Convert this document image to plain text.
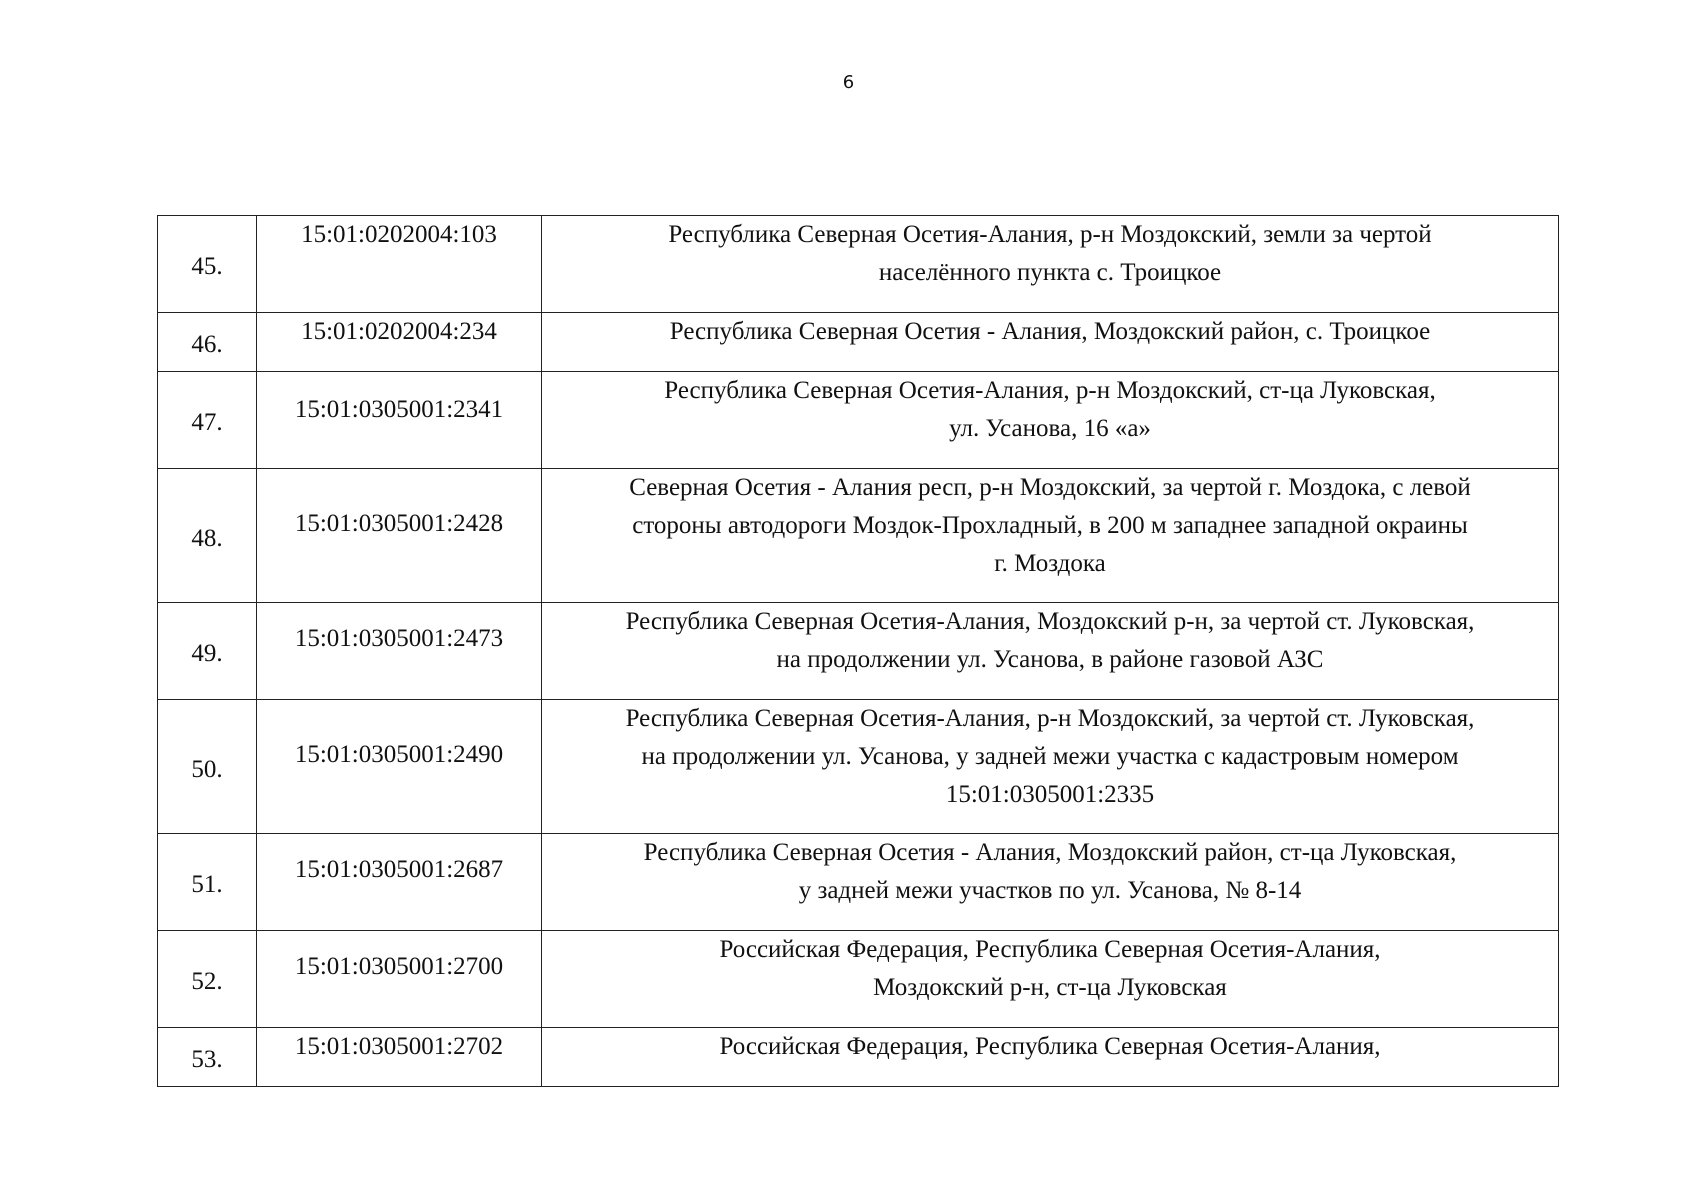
6
45.	15:01:0202004:103	Республика Северная Осетия-Алания, р-н Моздокский, земли за чертой
населённого пункта с. Троицкое

46.	15:01:0202004:234	Республика Северная Осетия - Алания, Моздокский район, с. Троицкое

47.	15:01:0305001:2341	Республика Северная Осетия-Алания, р-н Моздокский, ст-ца Луковская,
ул. Усанова, 16 «а»

48.	15:01:0305001:2428	Северная Осетия - Алания респ, р-н Моздокский, за чертой г. Моздока, с левой
стороны автодороги Моздок-Прохладный, в 200 м западнее западной окраины
г. Моздока

49.	15:01:0305001:2473	Республика Северная Осетия-Алания, Моздокский р-н, за чертой ст. Луковская,
на продолжении ул. Усанова, в районе газовой АЗС

50.	15:01:0305001:2490	Республика Северная Осетия-Алания, р-н Моздокский, за чертой ст. Луковская,
на продолжении ул. Усанова, у задней межи участка с кадастровым номером
15:01:0305001:2335

51.	15:01:0305001:2687	Республика Северная Осетия - Алания, Моздокский район, ст-ца Луковская,
у задней межи участков по ул. Усанова, № 8-14

52.	15:01:0305001:2700	Российская Федерация, Республика Северная Осетия-Алания,
Моздокский р-н, ст-ца Луковская

53.	15:01:0305001:2702	Российская Федерация, Республика Северная Осетия-Алания,
